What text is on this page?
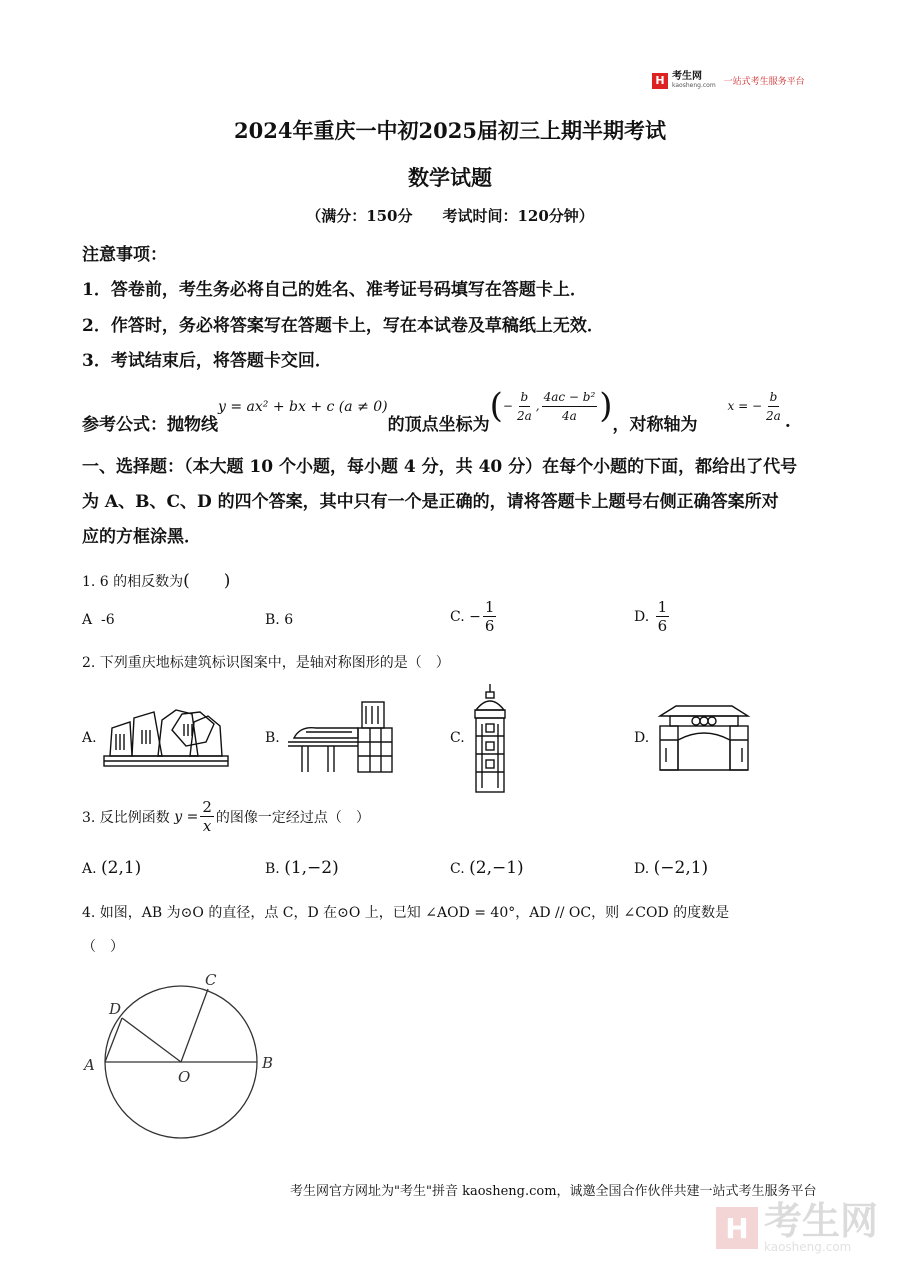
H 考生网
kaosheng.com 一站式考生服务平台
2024年重庆一中初2025届初三上期半期考试
数学试题
（满分：150分　　考试时间：120分钟）
注意事项：
1．答卷前，考生务必将自己的姓名、准考证号码填写在答题卡上．
2．作答时，务必将答案写在答题卡上，写在本试卷及草稿纸上无效．
3．考试结束后，将答题卡交回．
参考公式：抛物线
y = ax² + bx + c (a ≠ 0)
的顶点坐标为 ( − $\frac{b}{2a}$ , $\frac{\text{4ac − b²}}{4a}$ ) ，对称轴为
x = − $\frac{b}{2a}$ .
一、选择题：（本大题 10 个小题，每小题 4 分，共 40 分）在每个小题的下面，都给出了代号
为 A、B、C、D 的四个答案，其中只有一个是正确的，请将答题卡上题号右侧正确答案所对
应的方框涂黑．
1. 6 的相反数为(　　)
A -6	B. 6	C.
− $\frac{1}{6}$	D.
$\frac{1}{6}$
2. 下列重庆地标建筑标识图案中，是轴对称图形的是（　）
A.	B.	C.	D.
3. 反比例函数
$y = \frac{2}{x}$ 的图像一定经过点（　）
A. (2,1)	B. (1,−2)	C. (2,−1)	D. (−2,1)
4. 如图，AB 为⊙O 的直径，点 C，D 在⊙O 上，已知 ∠AOD = 40°，AD // OC，则 ∠COD 的度数是
（　）
A	B
C
D
O
考生网官方网址为"考生"拼音 kaosheng.com，诚邀全国合作伙伴共建一站式考生服务平台
H 考生网
kaosheng.com
